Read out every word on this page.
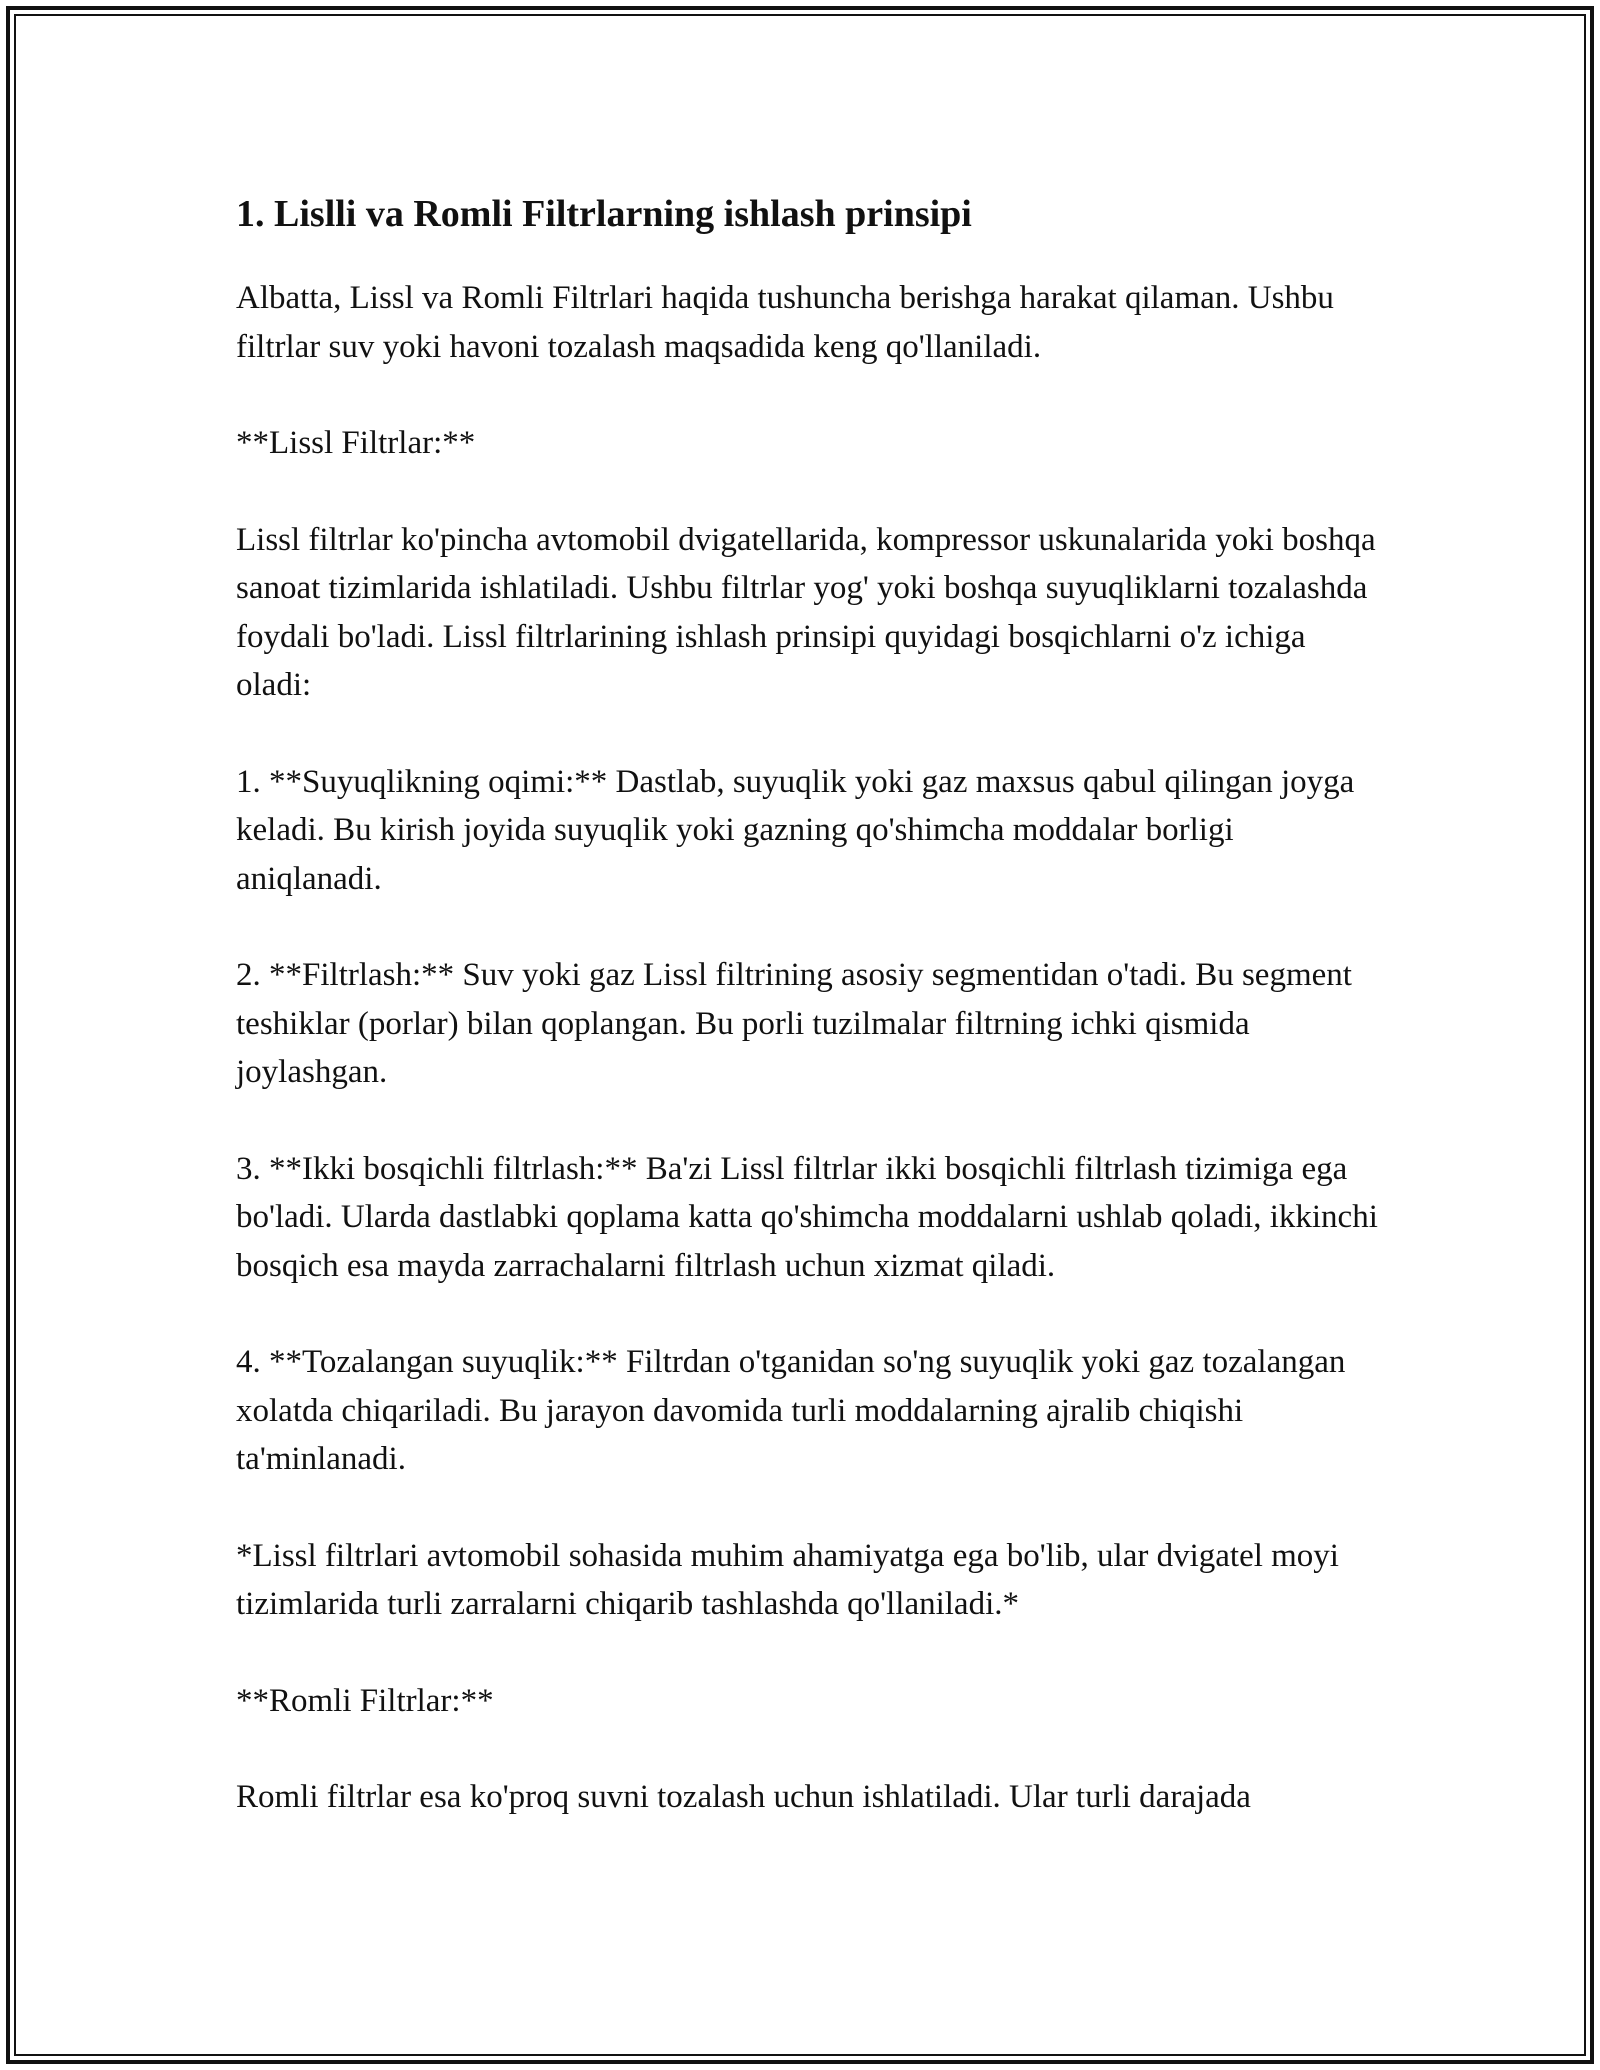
1. Lislli va Romli Filtrlarning ishlash prinsipi

Albatta, Lissl va Romli Filtrlari haqida tushuncha berishga harakat qilaman. Ushbu filtrlar suv yoki havoni tozalash maqsadida keng qo'llaniladi.

**Lissl Filtrlar:**

Lissl filtrlar ko'pincha avtomobil dvigatellarida, kompressor uskunalarida yoki boshqa sanoat tizimlarida ishlatiladi. Ushbu filtrlar yog' yoki boshqa suyuqliklarni tozalashda foydali bo'ladi. Lissl filtrlarining ishlash prinsipi quyidagi bosqichlarni o'z ichiga oladi:

1. **Suyuqlikning oqimi:** Dastlab, suyuqlik yoki gaz maxsus qabul qilingan joyga keladi. Bu kirish joyida suyuqlik yoki gazning qo'shimcha moddalar borligi aniqlanadi.

2. **Filtrlash:** Suv yoki gaz Lissl filtrining asosiy segmentidan o'tadi. Bu segment teshiklar (porlar) bilan qoplangan. Bu porli tuzilmalar filtrning ichki qismida joylashgan.

3. **Ikki bosqichli filtrlash:** Ba'zi Lissl filtrlar ikki bosqichli filtrlash tizimiga ega bo'ladi. Ularda dastlabki qoplama katta qo'shimcha moddalarni ushlab qoladi, ikkinchi bosqich esa mayda zarrachalarni filtrlash uchun xizmat qiladi.

4. **Tozalangan suyuqlik:** Filtrdan o'tganidan so'ng suyuqlik yoki gaz tozalangan xolatda chiqariladi. Bu jarayon davomida turli moddalarning ajralib chiqishi ta'minlanadi.

*Lissl filtrlari avtomobil sohasida muhim ahamiyatga ega bo'lib, ular dvigatel moyi tizimlarida turli zarralarni chiqarib tashlashda qo'llaniladi.*

**Romli Filtrlar:**

Romli filtrlar esa ko'proq suvni tozalash uchun ishlatiladi. Ular turli darajada
